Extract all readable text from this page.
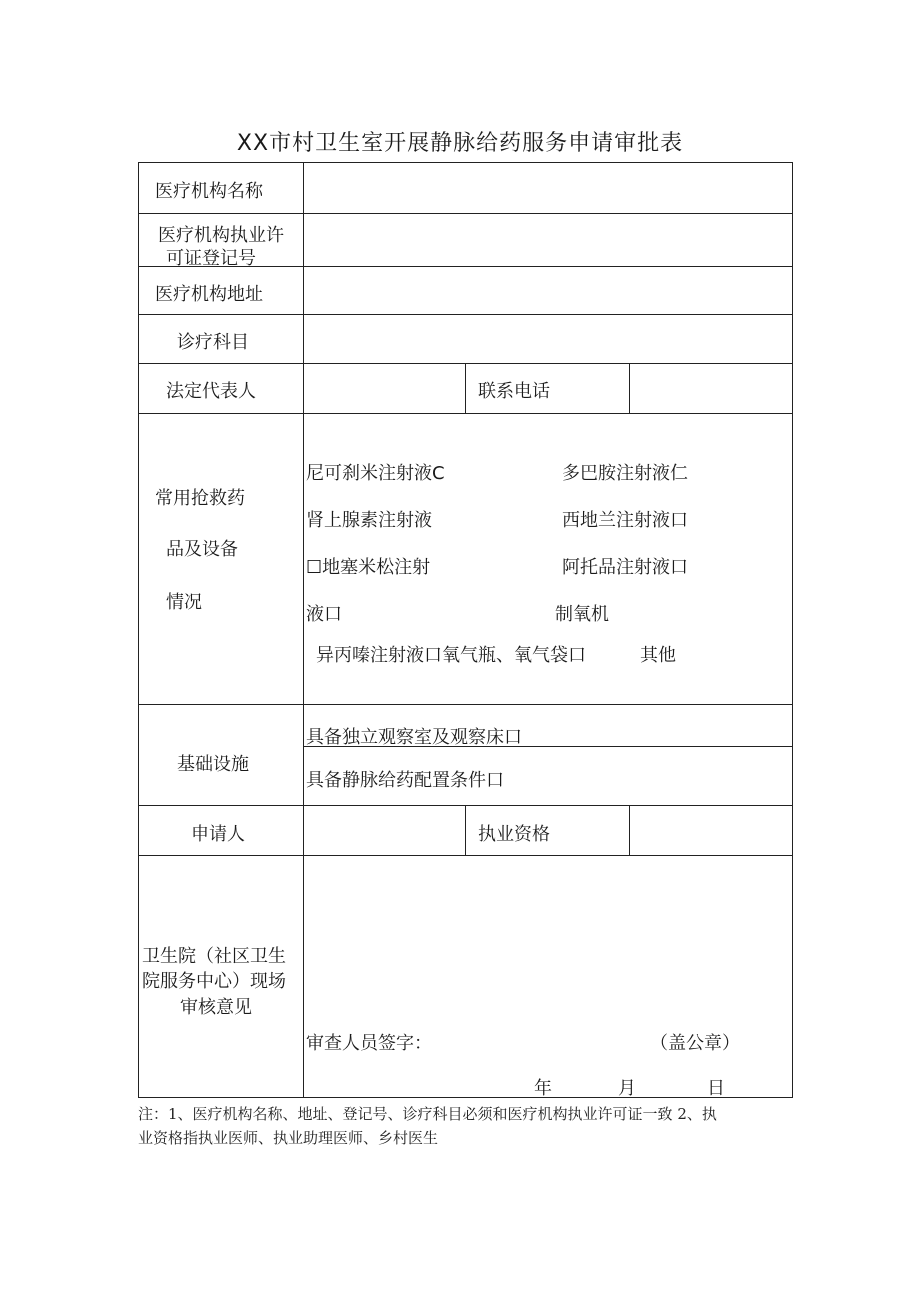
XX市村卫生室开展静脉给药服务申请审批表
医疗机构名称
医疗机构执业许
可证登记号
医疗机构地址
诊疗科目
法定代表人	联系电话
常用抢救药
品及设备
情况
尼可刹米注射液C	多巴胺注射液仁
肾上腺素注射液	西地兰注射液口
☐地塞米松注射	阿托品注射液口
液口	制氧机
异丙嗪注射液口氧气瓶、氧气袋口	其他
基础设施
具备独立观察室及观察床口
具备静脉给药配置条件口
申请人	执业资格
卫生院（社区卫生
院服务中心）现场
审核意见
审查人员签字：	（盖公章）
年	月	日
注：1、医疗机构名称、地址、登记号、诊疗科目必须和医疗机构执业许可证一致 2、执
业资格指执业医师、执业助理医师、乡村医生
